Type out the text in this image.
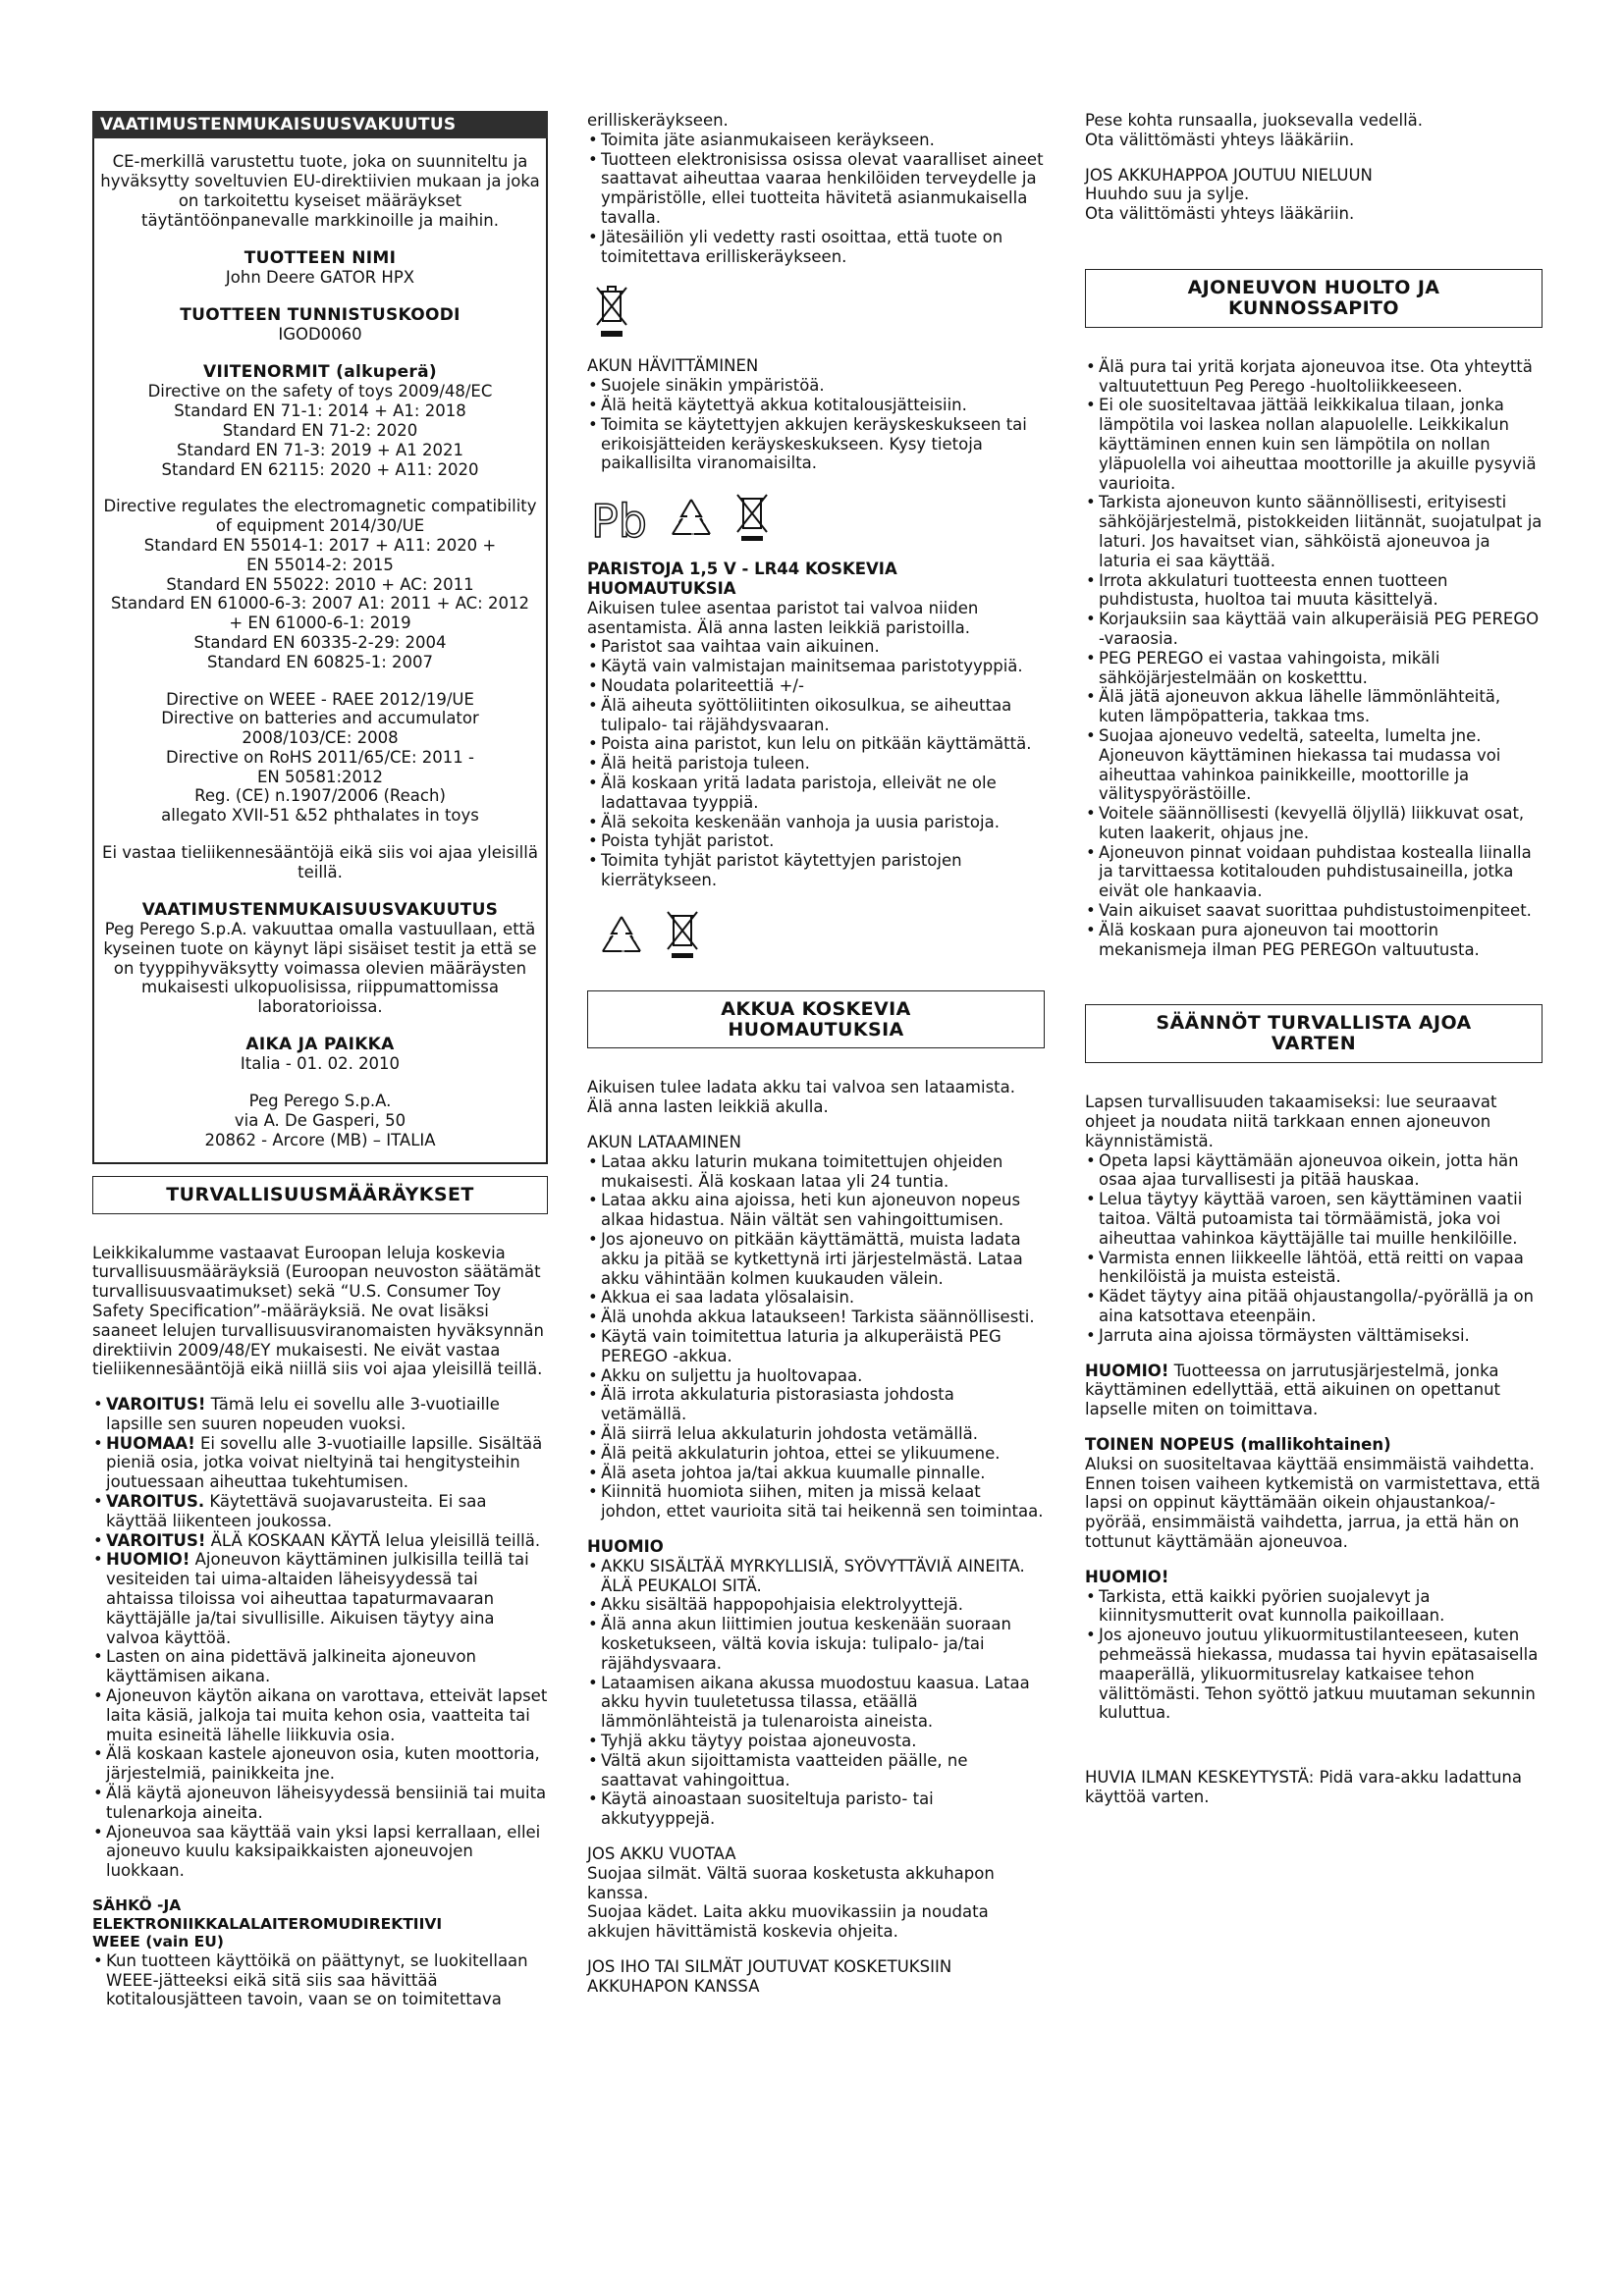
VAATIMUSTENMUKAISUUSVAKUUTUS

CE-merkillä varustettu tuote, joka on suunniteltu ja hyväksytty soveltuvien EU-direktiivien mukaan ja joka on tarkoitettu kyseiset määräykset täytäntöönpanevalle markkinoille ja maihin.

TUOTTEEN NIMI

John Deere GATOR HPX

TUOTTEEN TUNNISTUSKOODI

IGOD0060

VIITENORMIT (alkuperä)

Directive on the safety of toys 2009/48/EC

Standard EN 71-1: 2014 + A1: 2018

Standard EN 71-2: 2020

Standard EN 71-3: 2019 + A1 2021

Standard EN 62115: 2020 + A11: 2020

Directive regulates the electromagnetic compatibility

of equipment 2014/30/UE

Standard EN 55014-1: 2017 + A11: 2020 +

EN 55014-2: 2015

Standard EN 55022: 2010 + AC: 2011

Standard EN 61000-6-3: 2007 A1: 2011 + AC: 2012

+ EN 61000-6-1: 2019

Standard EN 60335-2-29: 2004

Standard EN 60825-1: 2007

Directive on WEEE - RAEE 2012/19/UE

Directive on batteries and accumulator

2008/103/CE: 2008

Directive on RoHS 2011/65/CE: 2011 -

EN 50581:2012

Reg. (CE) n.1907/2006 (Reach)

allegato XVII-51 &52 phthalates in toys

Ei vastaa tieliikennesääntöjä eikä siis voi ajaa yleisillä teillä.

VAATIMUSTENMUKAISUUSVAKUUTUS

Peg Perego S.p.A. vakuuttaa omalla vastuullaan, että kyseinen tuote on käynyt läpi sisäiset testit ja että se on tyyppihyväksytty voimassa olevien määräysten mukaisesti ulkopuolisissa, riippumattomissa laboratorioissa.

AIKA JA PAIKKA

Italia - 01. 02. 2010

Peg Perego S.p.A.

via A. De Gasperi, 50

20862 - Arcore (MB) – ITALIA

TURVALLISUUSMÄÄRÄYKSET

Leikkikalumme vastaavat Euroopan leluja koskevia turvallisuusmääräyksiä (Euroopan neuvoston säätämät turvallisuusvaatimukset) sekä “U.S. Consumer Toy Safety Specification”-määräyksiä. Ne ovat lisäksi saaneet lelujen turvallisuusviranomaisten hyväksynnän direktiivin 2009/48/EY mukaisesti. Ne eivät vastaa tieliikennesääntöjä eikä niillä siis voi ajaa yleisillä teillä.

• VAROITUS! Tämä lelu ei sovellu alle 3-vuotiaille lapsille sen suuren nopeuden vuoksi.
• HUOMAA! Ei sovellu alle 3-vuotiaille lapsille. Sisältää pieniä osia, jotka voivat nieltyinä tai hengitysteihin joutuessaan aiheuttaa tukehtumisen.
• VAROITUS. Käytettävä suojavarusteita. Ei saa käyttää liikenteen joukossa.
• VAROITUS! ÄLÄ KOSKAAN KÄYTÄ lelua yleisillä teillä.
• HUOMIO! Ajoneuvon käyttäminen julkisilla teillä tai vesiteiden tai uima-altaiden läheisyydessä tai ahtaissa tiloissa voi aiheuttaa tapaturmavaaran käyttäjälle ja/tai sivullisille. Aikuisen täytyy aina valvoa käyttöä.
• Lasten on aina pidettävä jalkineita ajoneuvon käyttämisen aikana.
• Ajoneuvon käytön aikana on varottava, etteivät lapset laita käsiä, jalkoja tai muita kehon osia, vaatteita tai muita esineitä lähelle liikkuvia osia.
• Älä koskaan kastele ajoneuvon osia, kuten moottoria, järjestelmiä, painikkeita jne.
• Älä käytä ajoneuvon läheisyydessä bensiiniä tai muita tulenarkoja aineita.
• Ajoneuvoa saa käyttää vain yksi lapsi kerrallaan, ellei ajoneuvo kuulu kaksipaikkaisten ajoneuvojen luokkaan.

SÄHKÖ -JA

ELEKTRONIIKKALALAITEROMUDIREKTIIVI

WEEE (vain EU)

• Kun tuotteen käyttöikä on päättynyt, se luokitellaan WEEE-jätteeksi eikä sitä siis saa hävittää kotitalousjätteen tavoin, vaan se on toimitettava

erilliskeräykseen.

• Toimita jäte asianmukaiseen keräykseen.
• Tuotteen elektronisissa osissa olevat vaaralliset aineet saattavat aiheuttaa vaaraa henkilöiden terveydelle ja ympäristölle, ellei tuotteita hävitetä asianmukaisella tavalla.
• Jätesäiliön yli vedetty rasti osoittaa, että tuote on toimitettava erilliskeräykseen.

AKUN HÄVITTÄMINEN

• Suojele sinäkin ympäristöä.
• Älä heitä käytettyä akkua kotitalousjätteisiin.
• Toimita se käytettyjen akkujen keräyskeskukseen tai erikoisjätteiden keräyskeskukseen. Kysy tietoja paikallisilta viranomaisilta.
Pb

PARISTOJA 1,5 V - LR44 KOSKEVIA

HUOMAUTUKSIA

Aikuisen tulee asentaa paristot tai valvoa niiden asentamista. Älä anna lasten leikkiä paristoilla.

• Paristot saa vaihtaa vain aikuinen.
• Käytä vain valmistajan mainitsemaa paristotyyppiä.
• Noudata polariteettiä +/-
• Älä aiheuta syöttöliitinten oikosulkua, se aiheuttaa tulipalo- tai räjähdysvaaran.
• Poista aina paristot, kun lelu on pitkään käyttämättä.
• Älä heitä paristoja tuleen.
• Älä koskaan yritä ladata paristoja, elleivät ne ole ladattavaa tyyppiä.
• Älä sekoita keskenään vanhoja ja uusia paristoja.
• Poista tyhjät paristot.
• Toimita tyhjät paristot käytettyjen paristojen kierrätykseen.
AKKUA KOSKEVIA
HUOMAUTUKSIA

Aikuisen tulee ladata akku tai valvoa sen lataamista. Älä anna lasten leikkiä akulla.

AKUN LATAAMINEN

• Lataa akku laturin mukana toimitettujen ohjeiden mukaisesti. Älä koskaan lataa yli 24 tuntia.
• Lataa akku aina ajoissa, heti kun ajoneuvon nopeus alkaa hidastua. Näin vältät sen vahingoittumisen.
• Jos ajoneuvo on pitkään käyttämättä, muista ladata akku ja pitää se kytkettynä irti järjestelmästä. Lataa akku vähintään kolmen kuukauden välein.
• Akkua ei saa ladata ylösalaisin.
• Älä unohda akkua lataukseen! Tarkista säännöllisesti.
• Käytä vain toimitettua laturia ja alkuperäistä PEG PEREGO -akkua.
• Akku on suljettu ja huoltovapaa.
• Älä irrota akkulaturia pistorasiasta johdosta vetämällä.
• Älä siirrä lelua akkulaturin johdosta vetämällä.
• Älä peitä akkulaturin johtoa, ettei se ylikuumene.
• Älä aseta johtoa ja/tai akkua kuumalle pinnalle.
• Kiinnitä huomiota siihen, miten ja missä kelaat johdon, ettet vaurioita sitä tai heikennä sen toimintaa.

HUOMIO

• AKKU SISÄLTÄÄ MYRKYLLISIÄ, SYÖVYTTÄVIÄ AINEITA.
ÄLÄ PEUKALOI SITÄ.
• Akku sisältää happopohjaisia elektrolyyttejä.
• Älä anna akun liittimien joutua keskenään suoraan kosketukseen, vältä kovia iskuja: tulipalo- ja/tai räjähdysvaara.
• Lataamisen aikana akussa muodostuu kaasua. Lataa akku hyvin tuuletetussa tilassa, etäällä lämmönlähteistä ja tulenaroista aineista.
• Tyhjä akku täytyy poistaa ajoneuvosta.
• Vältä akun sijoittamista vaatteiden päälle, ne saattavat vahingoittua.
• Käytä ainoastaan suositeltuja paristo- tai akkutyyppejä.

JOS AKKU VUOTAA

Suojaa silmät. Vältä suoraa kosketusta akkuhapon kanssa.

Suojaa kädet. Laita akku muovikassiin ja noudata akkujen hävittämistä koskevia ohjeita.

JOS IHO TAI SILMÄT JOUTUVAT KOSKETUKSIIN AKKUHAPON KANSSA

Pese kohta runsaalla, juoksevalla vedellä.

Ota välittömästi yhteys lääkäriin.

JOS AKKUHAPPOA JOUTUU NIELUUN

Huuhdo suu ja sylje.

Ota välittömästi yhteys lääkäriin.

AJONEUVON HUOLTO JA
KUNNOSSAPITO
• Älä pura tai yritä korjata ajoneuvoa itse. Ota yhteyttä valtuutettuun Peg Perego -huoltoliikkeeseen.
• Ei ole suositeltavaa jättää leikkikalua tilaan, jonka lämpötila voi laskea nollan alapuolelle. Leikkikalun käyttäminen ennen kuin sen lämpötila on nollan yläpuolella voi aiheuttaa moottorille ja akuille pysyviä vaurioita.
• Tarkista ajoneuvon kunto säännöllisesti, erityisesti sähköjärjestelmä, pistokkeiden liitännät, suojatulpat ja laturi. Jos havaitset vian, sähköistä ajoneuvoa ja laturia ei saa käyttää.
• Irrota akkulaturi tuotteesta ennen tuotteen puhdistusta, huoltoa tai muuta käsittelyä.
• Korjauksiin saa käyttää vain alkuperäisiä PEG PEREGO -varaosia.
• PEG PEREGO ei vastaa vahingoista, mikäli sähköjärjestelmään on kosketttu.
• Älä jätä ajoneuvon akkua lähelle lämmönlähteitä, kuten lämpöpatteria, takkaa tms.
• Suojaa ajoneuvo vedeltä, sateelta, lumelta jne. Ajoneuvon käyttäminen hiekassa tai mudassa voi aiheuttaa vahinkoa painikkeille, moottorille ja välityspyörästöille.
• Voitele säännöllisesti (kevyellä öljyllä) liikkuvat osat, kuten laakerit, ohjaus jne.
• Ajoneuvon pinnat voidaan puhdistaa kostealla liinalla ja tarvittaessa kotitalouden puhdistusaineilla, jotka eivät ole hankaavia.
• Vain aikuiset saavat suorittaa puhdistustoimenpiteet.
• Älä koskaan pura ajoneuvon tai moottorin mekanismeja ilman PEG PEREGOn valtuutusta.
SÄÄNNÖT TURVALLISTA AJOA
VARTEN

Lapsen turvallisuuden takaamiseksi: lue seuraavat ohjeet ja noudata niitä tarkkaan ennen ajoneuvon käynnistämistä.

• Opeta lapsi käyttämään ajoneuvoa oikein, jotta hän osaa ajaa turvallisesti ja pitää hauskaa.
• Lelua täytyy käyttää varoen, sen käyttäminen vaatii taitoa. Vältä putoamista tai törmäämistä, joka voi aiheuttaa vahinkoa käyttäjälle tai muille henkilöille.
• Varmista ennen liikkeelle lähtöä, että reitti on vapaa henkilöistä ja muista esteistä.
• Kädet täytyy aina pitää ohjaustangolla/-pyörällä ja on aina katsottava eteenpäin.
• Jarruta aina ajoissa törmäysten välttämiseksi.

HUOMIO! Tuotteessa on jarrutusjärjestelmä, jonka käyttäminen edellyttää, että aikuinen on opettanut lapselle miten on toimittava.

TOINEN NOPEUS (mallikohtainen)

Aluksi on suositeltavaa käyttää ensimmäistä vaihdetta. Ennen toisen vaiheen kytkemistä on varmistettava, että lapsi on oppinut käyttämään oikein ohjaustankoa/-pyörää, ensimmäistä vaihdetta, jarrua, ja että hän on tottunut käyttämään ajoneuvoa.

HUOMIO!

• Tarkista, että kaikki pyörien suojalevyt ja kiinnitysmutterit ovat kunnolla paikoillaan.
• Jos ajoneuvo joutuu ylikuormitustilanteeseen, kuten pehmeässä hiekassa, mudassa tai hyvin epätasaisella maaperällä, ylikuormitusrelay katkaisee tehon välittömästi. Tehon syöttö jatkuu muutaman sekunnin kuluttua.

HUVIA ILMAN KESKEYTYSTÄ: Pidä vara-akku ladattuna käyttöä varten.
